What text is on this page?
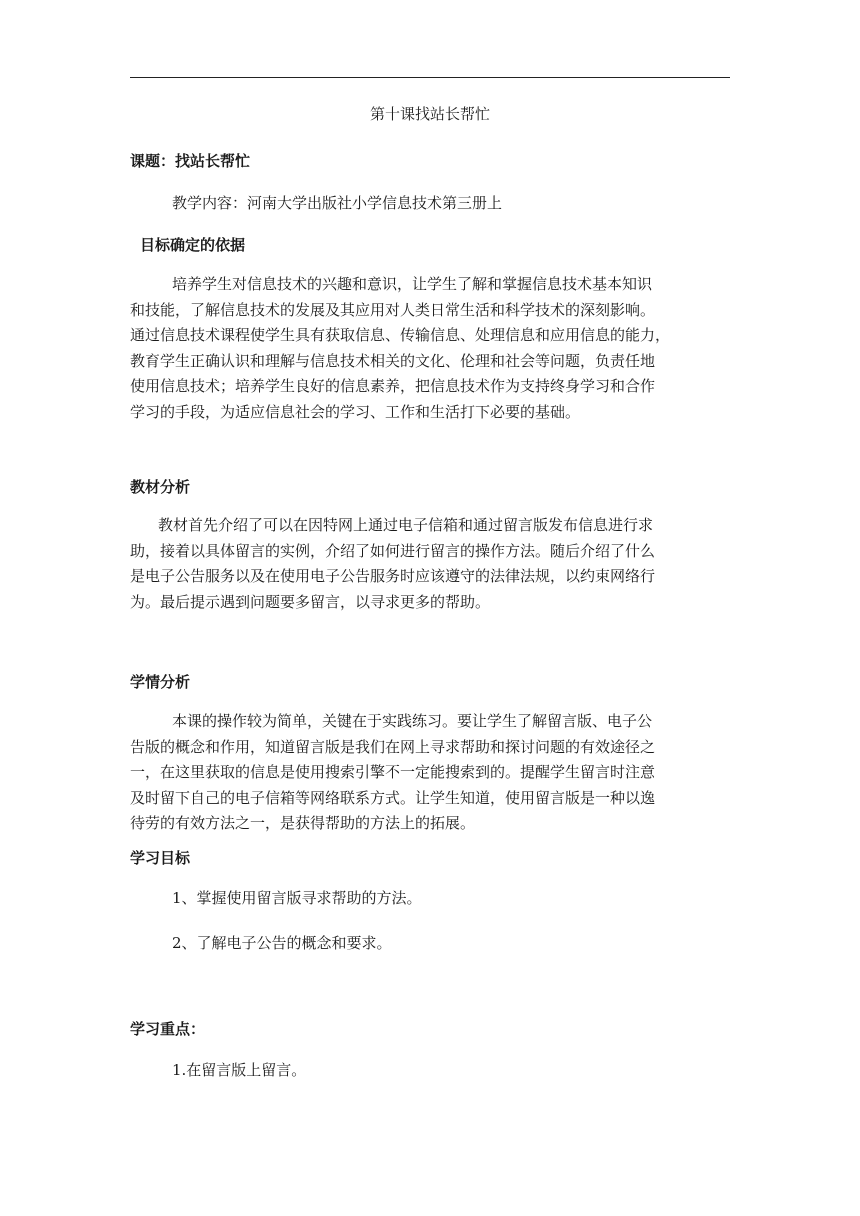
第十课找站长帮忙
课题：找站长帮忙
教学内容：河南大学出版社小学信息技术第三册上
目标确定的依据
培养学生对信息技术的兴趣和意识，让学生了解和掌握信息技术基本知识
和技能，了解信息技术的发展及其应用对人类日常生活和科学技术的深刻影响。
通过信息技术课程使学生具有获取信息、传输信息、处理信息和应用信息的能力，
教育学生正确认识和理解与信息技术相关的文化、伦理和社会等问题，负责任地
使用信息技术；培养学生良好的信息素养，把信息技术作为支持终身学习和合作
学习的手段，为适应信息社会的学习、工作和生活打下必要的基础。
教材分析
教材首先介绍了可以在因特网上通过电子信箱和通过留言版发布信息进行求
助，接着以具体留言的实例，介绍了如何进行留言的操作方法。随后介绍了什么
是电子公告服务以及在使用电子公告服务时应该遵守的法律法规，以约束网络行
为。最后提示遇到问题要多留言，以寻求更多的帮助。
学情分析
本课的操作较为简单，关键在于实践练习。要让学生了解留言版、电子公
告版的概念和作用，知道留言版是我们在网上寻求帮助和探讨问题的有效途径之
一，在这里获取的信息是使用搜索引擎不一定能搜索到的。提醒学生留言时注意
及时留下自己的电子信箱等网络联系方式。让学生知道，使用留言版是一种以逸
待劳的有效方法之一，是获得帮助的方法上的拓展。
学习目标
1、掌握使用留言版寻求帮助的方法。
2、了解电子公告的概念和要求。
学习重点：
1.在留言版上留言。
